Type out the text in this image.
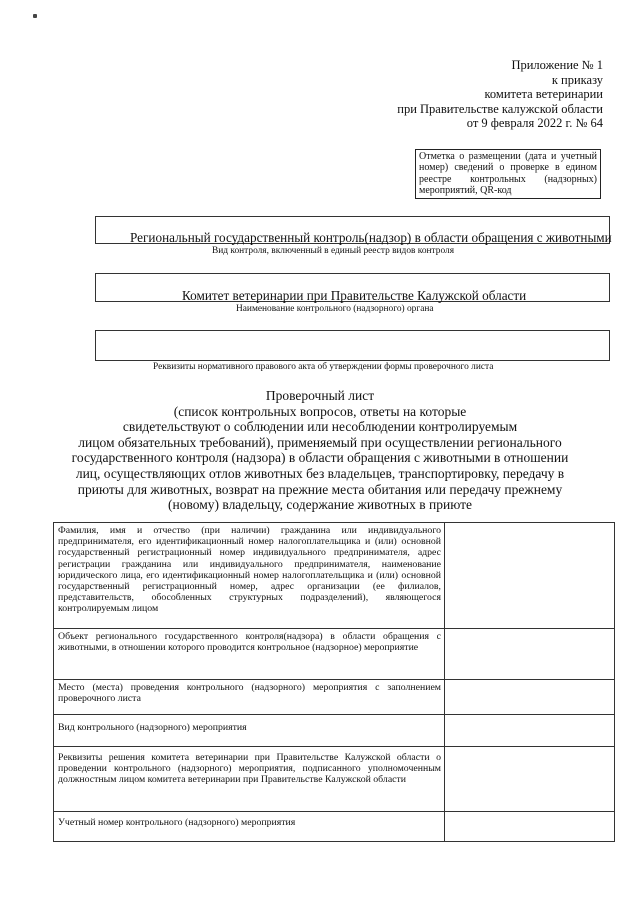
Приложение № 1
к приказу
комитета ветеринарии
при Правительстве калужской области
от 9 февраля 2022 г. № 64
Отметка о размещении (дата и учетный номер) сведений о проверке в едином реестре контрольных (надзорных) мероприятий, QR-код
Региональный государственный контроль(надзор) в области обращения с животными
Вид контроля, включенный в единый реестр видов контроля
Комитет ветеринарии при Правительстве Калужской области
Наименование контрольного (надзорного) органа
Реквизиты нормативного правового акта об утверждении формы проверочного листа
Проверочный лист
(список контрольных вопросов, ответы на которые
свидетельствуют о соблюдении или несоблюдении контролируемым
лицом обязательных требований), применяемый при осуществлении регионального
государственного контроля (надзора) в области обращения с животными в отношении
лиц, осуществляющих отлов животных без владельцев, транспортировку, передачу в
приюты для животных, возврат на прежние места обитания или передачу прежнему
(новому) владельцу, содержание животных в приюте
Фамилия, имя и отчество (при наличии) гражданина или индивидуального предпринимателя, его идентификационный номер налогоплательщика и (или) основной государственный регистрационный номер индивидуального предпринимателя, адрес регистрации гражданина или индивидуального предпринимателя, наименование юридического лица, его идентификационный номер налогоплательщика и (или) основной государственный регистрационный номер, адрес организации (ее филиалов, представительств, обособленных структурных подразделений), являющегося контролируемым лицом	
Объект регионального государственного контроля(надзора) в области обращения с животными, в отношении которого проводится контрольное (надзорное) мероприятие	
Место (места) проведения контрольного (надзорного) мероприятия с заполнением проверочного листа	
Вид контрольного (надзорного) мероприятия	
Реквизиты решения комитета ветеринарии при Правительстве Калужской области о проведении контрольного (надзорного) мероприятия, подписанного уполномоченным должностным лицом комитета ветеринарии при Правительстве Калужской области	
Учетный номер контрольного (надзорного) мероприятия	
